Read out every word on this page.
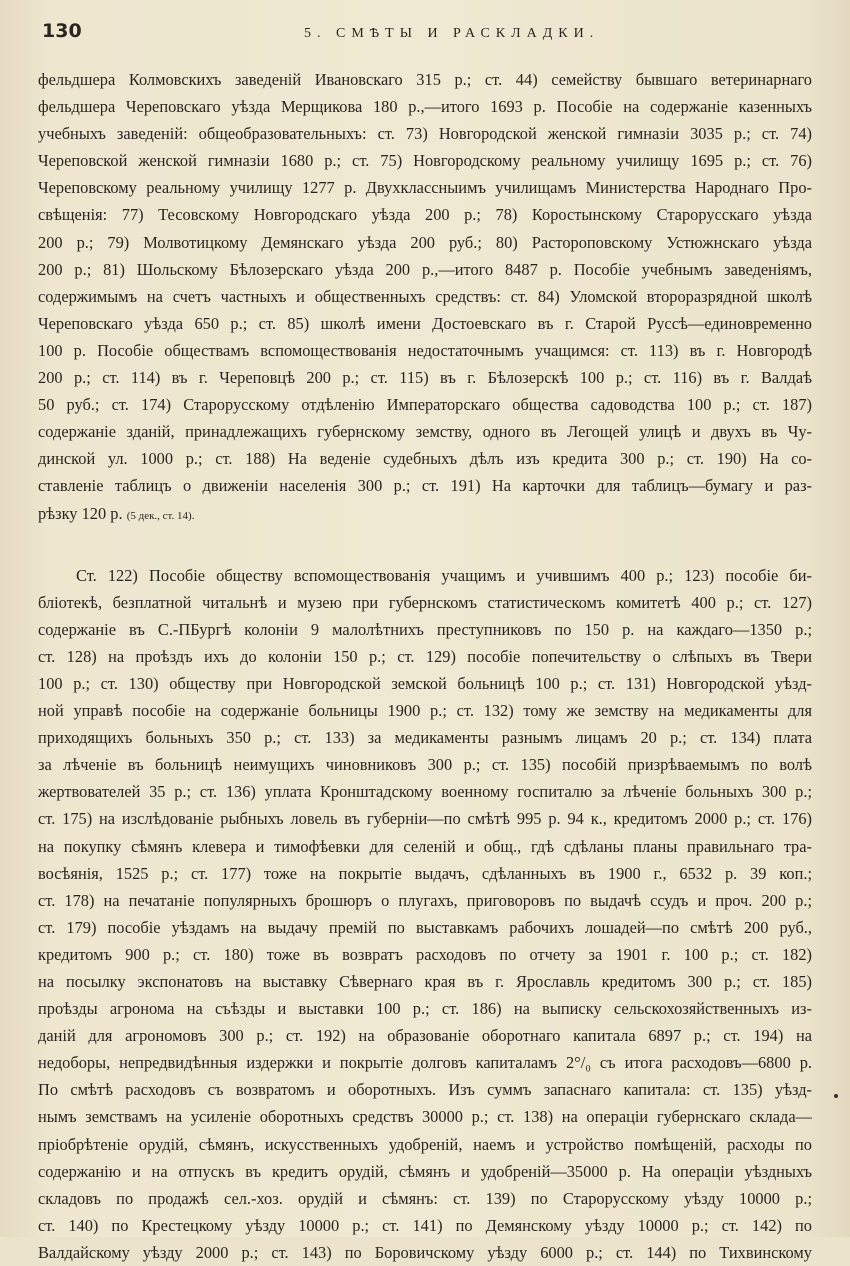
130	5. СМѢТЫ И РАСКЛАДКИ.
фельдшера Колмовскихъ заведеній Ивановскаго 315 р.; ст. 44) семейству бывшаго ветеринарнаго
фельдшера Череповскаго уѣзда Мерщикова 180 р.,—итого 1693 р. Пособіе на содержаніе казенныхъ
учебныхъ заведеній: общеобразовательныхъ: ст. 73) Новгородской женской гимназіи 3035 р.; ст. 74)
Череповской женской гимназіи 1680 р.; ст. 75) Новгородскому реальному училищу 1695 р.; ст. 76)
Череповскому реальному училищу 1277 р. Двухклассныимъ училищамъ Министерства Народнаго Про-
свѣщенія: 77) Тесовскому Новгородскаго уѣзда 200 р.; 78) Коростынскому Старорусскаго уѣзда
200 р.; 79) Молвотицкому Демянскаго уѣзда 200 руб.; 80) Растороповскому Устюжнскаго уѣзда
200 р.; 81) Шольскому Бѣлозерскаго уѣзда 200 р.,—итого 8487 р. Пособіе учебнымъ заведеніямъ,
содержимымъ на счетъ частныхъ и общественныхъ средствъ: ст. 84) Уломской второразрядной школѣ
Череповскаго уѣзда 650 р.; ст. 85) школѣ имени Достоевскаго въ г. Старой Руссѣ—единовременно
100 р. Пособіе обществамъ вспомоществованія недостаточнымъ учащимся: ст. 113) въ г. Новгородѣ
200 р.; ст. 114) въ г. Череповцѣ 200 р.; ст. 115) въ г. Бѣлозерскѣ 100 р.; ст. 116) въ г. Валдаѣ
50 руб.; ст. 174) Старорусскому отдѣленію Императорскаго общества садоводства 100 р.; ст. 187)
содержаніе зданій, принадлежащихъ губернскому земству, одного въ Легощей улицѣ и двухъ въ Чу-
динской ул. 1000 р.; ст. 188) На веденіе судебныхъ дѣлъ изъ кредита 300 р.; ст. 190) На со-
ставленіе таблицъ о движеніи населенія 300 р.; ст. 191) На карточки для таблицъ—бумагу и раз-
рѣзку 120 р. (5 дек., ст. 14).
Ст. 122) Пособіе обществу вспомоществованія учащимъ и учившимъ 400 р.; 123) пособіе би-
бліотекѣ, безплатной читальнѣ и музею при губернскомъ статистическомъ комитетѣ 400 р.; ст. 127)
содержаніе въ С.-ПБургѣ колоніи 9 малолѣтнихъ преступниковъ по 150 р. на каждаго—1350 р.;
ст. 128) на проѣздъ ихъ до колоніи 150 р.; ст. 129) пособіе попечительству о слѣпыхъ въ Твери
100 р.; ст. 130) обществу при Новгородской земской больницѣ 100 р.; ст. 131) Новгородской уѣзд-
ной управѣ пособіе на содержаніе больницы 1900 р.; ст. 132) тому же земству на медикаменты для
приходящихъ больныхъ 350 р.; ст. 133) за медикаменты разнымъ лицамъ 20 р.; ст. 134) плата
за лѣченіе въ больницѣ неимущихъ чиновниковъ 300 р.; ст. 135) пособій призрѣваемымъ по волѣ
жертвователей 35 р.; ст. 136) уплата Кронштадскому военному госпиталю за лѣченіе больныхъ 300 р.;
ст. 175) на изслѣдованіе рыбныхъ ловель въ губерніи—по смѣтѣ 995 р. 94 к., кредитомъ 2000 р.; ст. 176)
на покупку сѣмянъ клевера и тимофѣевки для селеній и общ., гдѣ сдѣланы планы правильнаго тра-
восѣянія, 1525 р.; ст. 177) тоже на покрытіе выдачъ, сдѣланныхъ въ 1900 г., 6532 р. 39 коп.;
ст. 178) на печатаніе популярныхъ брошюръ о плугахъ, приговоровъ по выдачѣ ссудъ и проч. 200 р.;
ст. 179) пособіе уѣздамъ на выдачу премій по выставкамъ рабочихъ лошадей—по смѣтѣ 200 руб.,
кредитомъ 900 р.; ст. 180) тоже въ возвратъ расходовъ по отчету за 1901 г. 100 р.; ст. 182)
на посылку экспонатовъ на выставку Сѣвернаго края въ г. Ярославль кредитомъ 300 р.; ст. 185)
проѣзды агронома на съѣзды и выставки 100 р.; ст. 186) на выписку сельскохозяйственныхъ из-
даній для агрономовъ 300 р.; ст. 192) на образованіе оборотнаго капитала 6897 р.; ст. 194) на
недоборы, непредвидѣнныя издержки и покрытіе долговъ капиталамъ 2°/₀ съ итога расходовъ—6800 р.
По смѣтѣ расходовъ съ возвратомъ и оборотныхъ. Изъ суммъ запаснаго капитала: ст. 135) уѣзд-
нымъ земствамъ на усиленіе оборотныхъ средствъ 30000 р.; ст. 138) на операціи губернскаго склада—
пріобрѣтеніе орудій, сѣмянъ, искусственныхъ удобреній, наемъ и устройство помѣщеній, расходы по
содержанію и на отпускъ въ кредитъ орудій, сѣмянъ и удобреній—35000 р. На операціи уѣздныхъ
складовъ по продажѣ сел.-хоз. орудій и сѣмянъ: ст. 139) по Старорусскому уѣзду 10000 р.;
ст. 140) по Крестецкому уѣзду 10000 р.; ст. 141) по Демянскому уѣзду 10000 р.; ст. 142) по
Валдайскому уѣзду 2000 р.; ст. 143) по Боровичскому уѣзду 6000 р.; ст. 144) по Тихвинскому
